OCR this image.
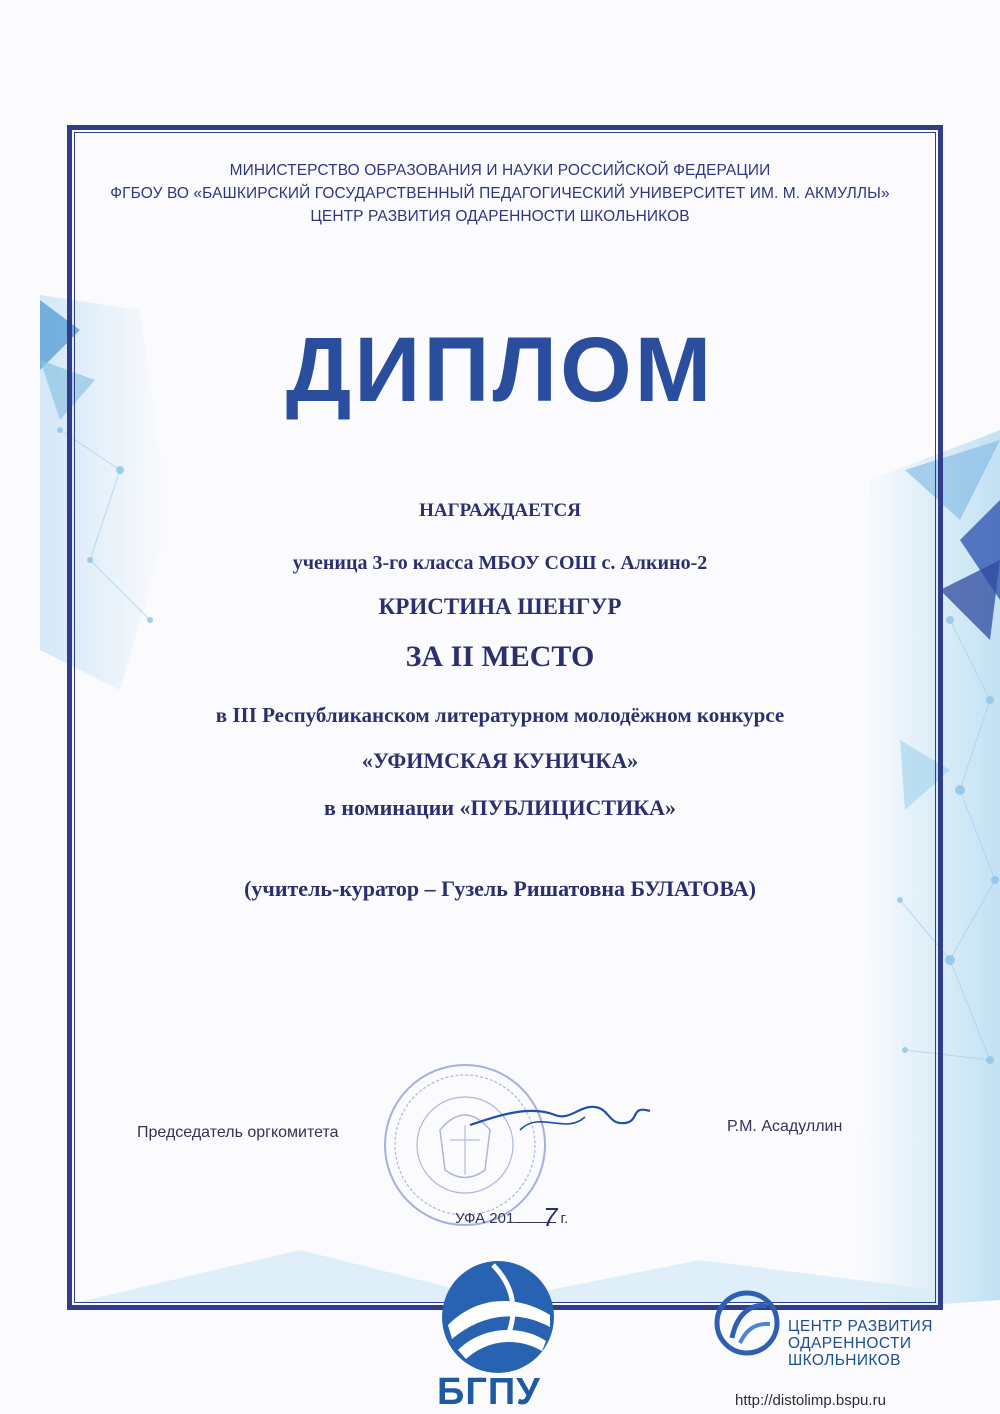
МИНИСТЕРСТВО ОБРАЗОВАНИЯ И НАУКИ РОССИЙСКОЙ ФЕДЕРАЦИИ
ФГБОУ ВО «БАШКИРСКИЙ ГОСУДАРСТВЕННЫЙ ПЕДАГОГИЧЕСКИЙ УНИВЕРСИТЕТ ИМ. М. АКМУЛЛЫ»
ЦЕНТР РАЗВИТИЯ ОДАРЕННОСТИ ШКОЛЬНИКОВ
ДИПЛОМ
НАГРАЖДАЕТСЯ
ученица 3-го класса МБОУ СОШ с. Алкино-2
КРИСТИНА ШЕНГУР
ЗА II МЕСТО
в III Республиканском литературном молодёжном конкурсе
«УФИМСКАЯ КУНИЧКА»
в номинации «ПУБЛИЦИСТИКА»
(учитель-куратор – Гузель Ришатовна БУЛАТОВА)
Председатель оргкомитета	Р.М. Асадуллин
УФА 201	г.
7
БГПУ
ЦЕНТР РАЗВИТИЯ
ОДАРЕННОСТИ
ШКОЛЬНИКОВ
http://distolimp.bspu.ru
